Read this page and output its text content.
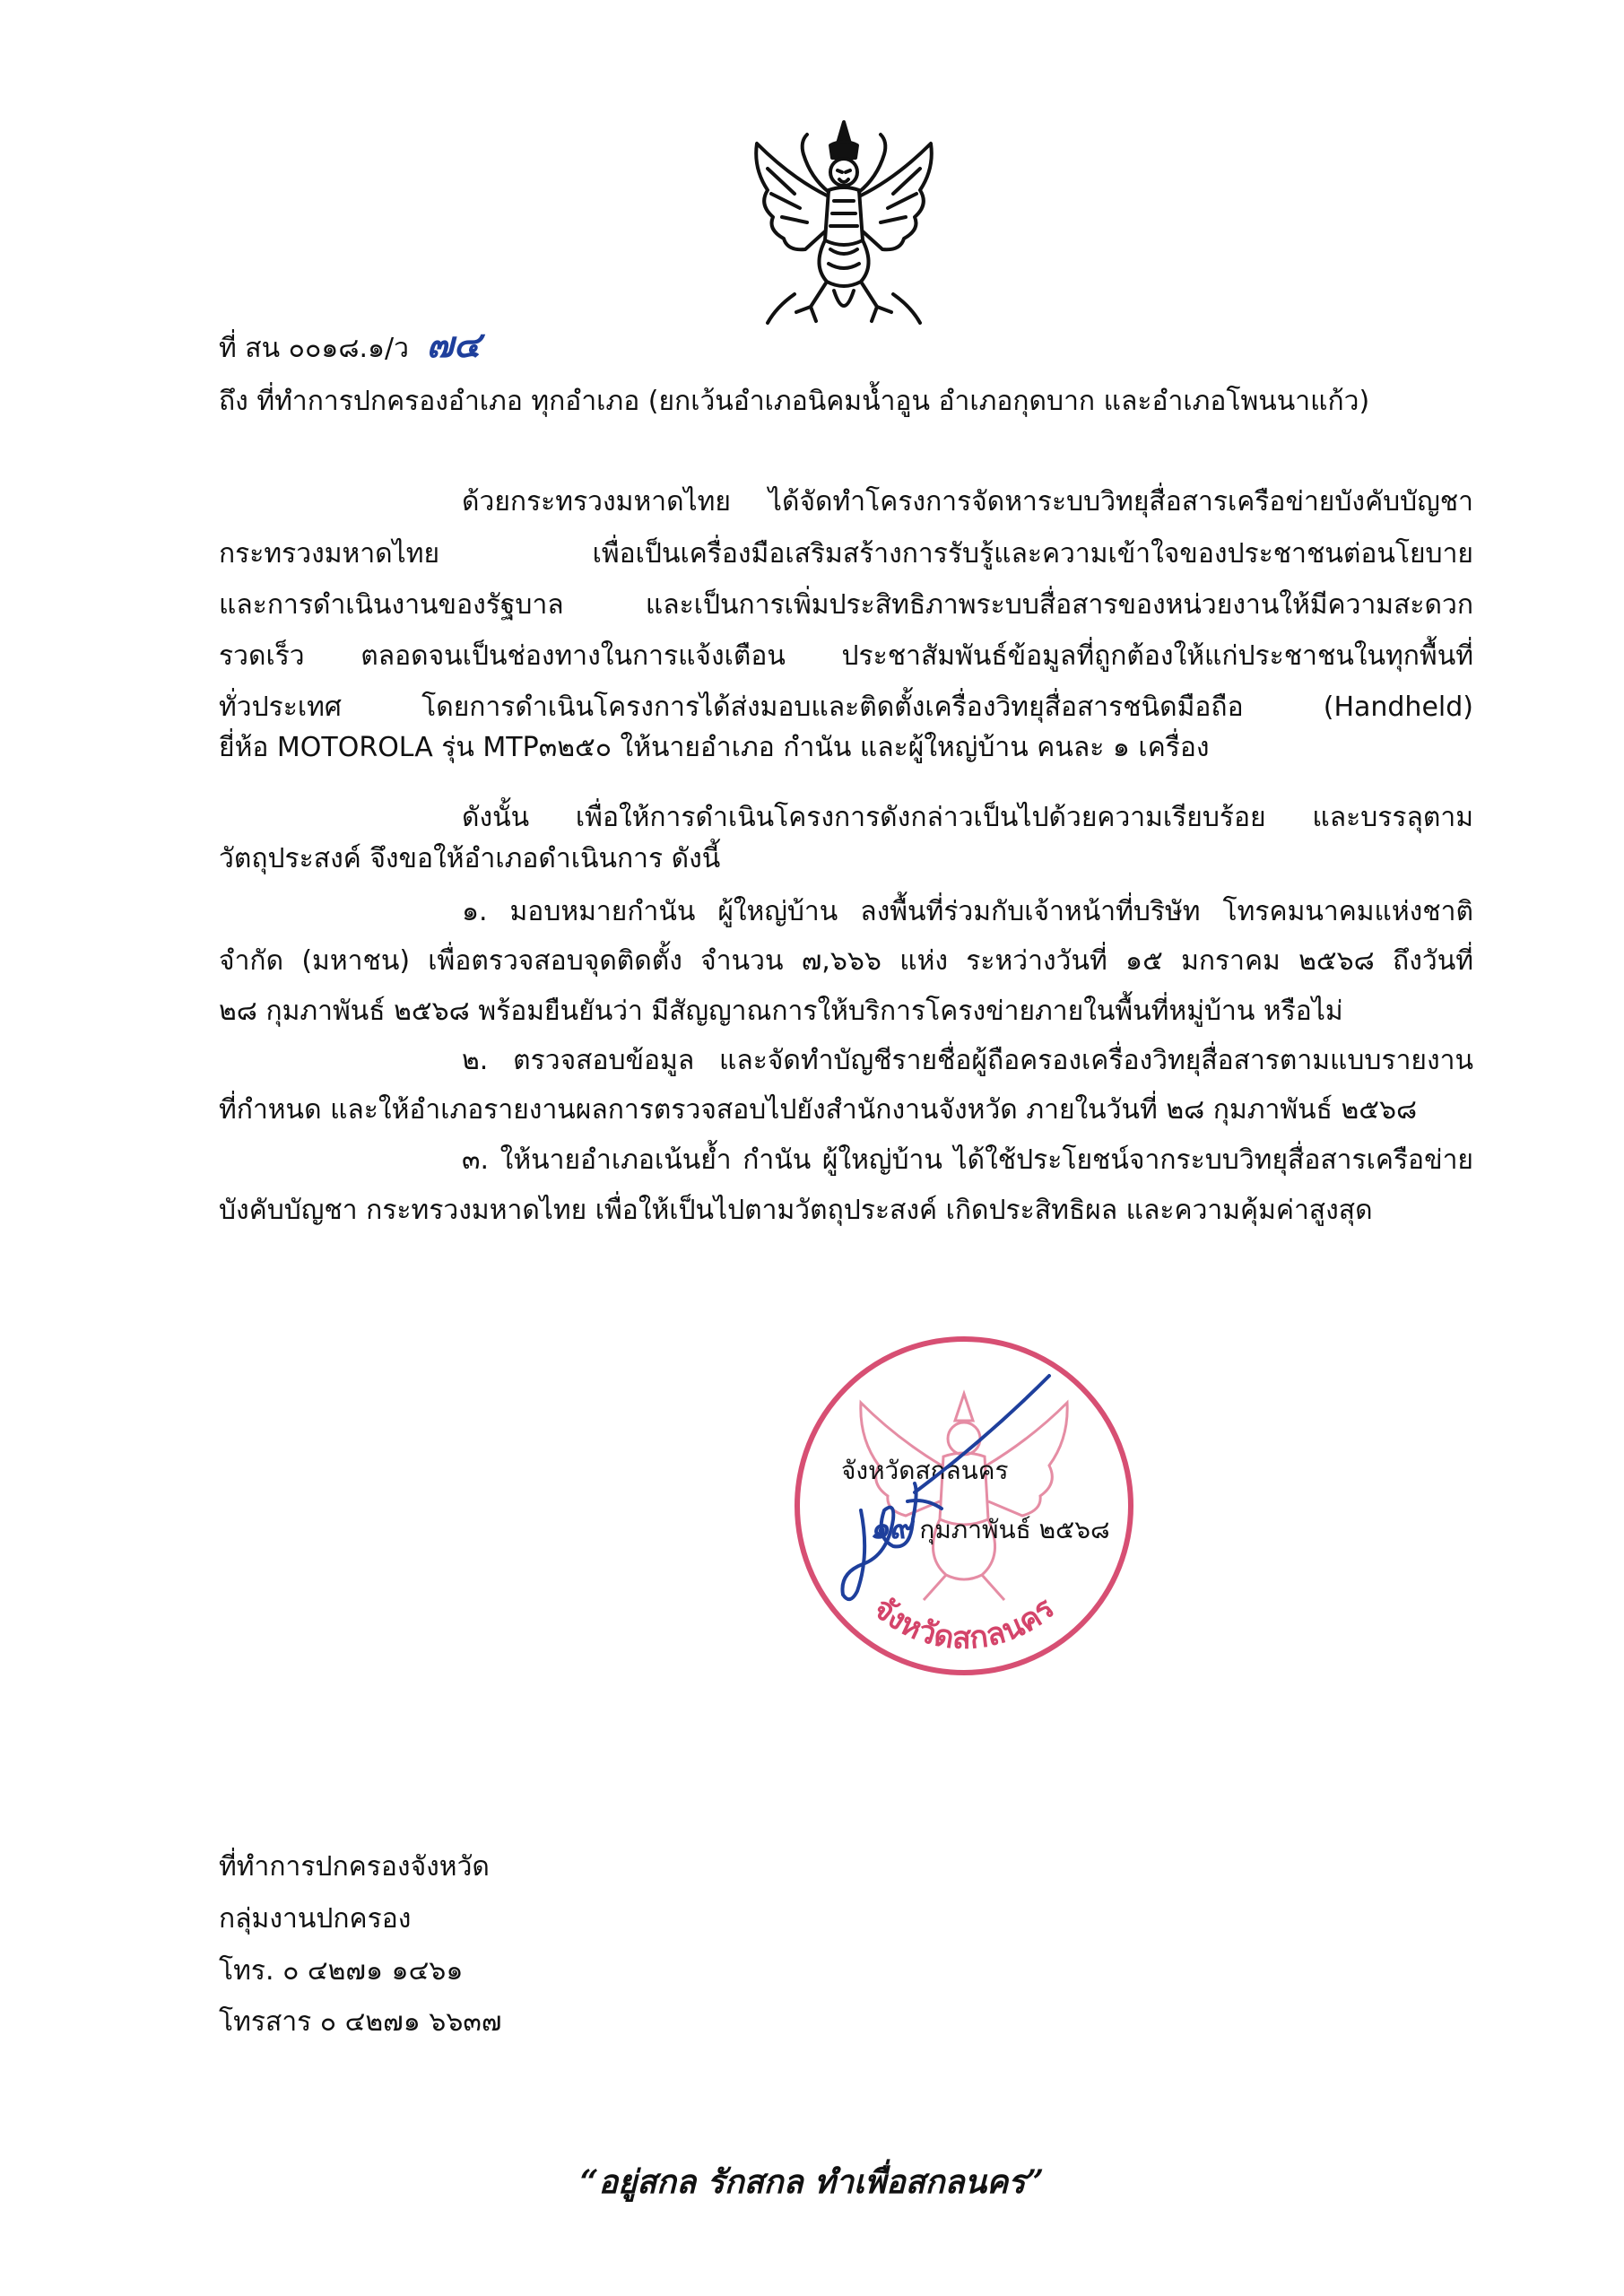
ที่ สน ๐๐๑๘.๑/ว ๗๔

ถึง ที่ทำการปกครองอำเภอ ทุกอำเภอ (ยกเว้นอำเภอนิคมน้ำอูน อำเภอกุดบาก และอำเภอโพนนาแก้ว)

ด้วยกระทรวงมหาดไทย ได้จัดทำโครงการจัดหาระบบวิทยุสื่อสารเครือข่ายบังคับบัญชา

กระทรวงมหาดไทย เพื่อเป็นเครื่องมือเสริมสร้างการรับรู้และความเข้าใจของประชาชนต่อนโยบาย

และการดำเนินงานของรัฐบาล และเป็นการเพิ่มประสิทธิภาพระบบสื่อสารของหน่วยงานให้มีความสะดวก

รวดเร็ว ตลอดจนเป็นช่องทางในการแจ้งเตือน ประชาสัมพันธ์ข้อมูลที่ถูกต้องให้แก่ประชาชนในทุกพื้นที่

ทั่วประเทศ โดยการดำเนินโครงการได้ส่งมอบและติดตั้งเครื่องวิทยุสื่อสารชนิดมือถือ (Handheld)

ยี่ห้อ MOTOROLA รุ่น MTP๓๒๕๐ ให้นายอำเภอ กำนัน และผู้ใหญ่บ้าน คนละ ๑ เครื่อง

ดังนั้น เพื่อให้การดำเนินโครงการดังกล่าวเป็นไปด้วยความเรียบร้อย และบรรลุตาม

วัตถุประสงค์ จึงขอให้อำเภอดำเนินการ ดังนี้

๑. มอบหมายกำนัน ผู้ใหญ่บ้าน ลงพื้นที่ร่วมกับเจ้าหน้าที่บริษัท โทรคมนาคมแห่งชาติ

จำกัด (มหาชน) เพื่อตรวจสอบจุดติดตั้ง จำนวน ๗,๖๖๖ แห่ง ระหว่างวันที่ ๑๕ มกราคม ๒๕๖๘ ถึงวันที่

๒๘ กุมภาพันธ์ ๒๕๖๘ พร้อมยืนยันว่า มีสัญญาณการให้บริการโครงข่ายภายในพื้นที่หมู่บ้าน หรือไม่

๒. ตรวจสอบข้อมูล และจัดทำบัญชีรายชื่อผู้ถือครองเครื่องวิทยุสื่อสารตามแบบรายงาน

ที่กำหนด และให้อำเภอรายงานผลการตรวจสอบไปยังสำนักงานจังหวัด ภายในวันที่ ๒๘ กุมภาพันธ์ ๒๕๖๘

๓. ให้นายอำเภอเน้นย้ำ กำนัน ผู้ใหญ่บ้าน ได้ใช้ประโยชน์จากระบบวิทยุสื่อสารเครือข่าย

บังคับบัญชา กระทรวงมหาดไทย เพื่อให้เป็นไปตามวัตถุประสงค์ เกิดประสิทธิผล และความคุ้มค่าสูงสุด

จังหวัดสกลนคร

จังหวัดสกลนคร

๑๙ กุมภาพันธ์ ๒๕๖๘

ที่ทำการปกครองจังหวัด

กลุ่มงานปกครอง

โทร. ๐ ๔๒๗๑ ๑๔๖๑

โทรสาร ๐ ๔๒๗๑ ๖๖๓๗

“อยู่สกล รักสกล ทำเพื่อสกลนคร”
